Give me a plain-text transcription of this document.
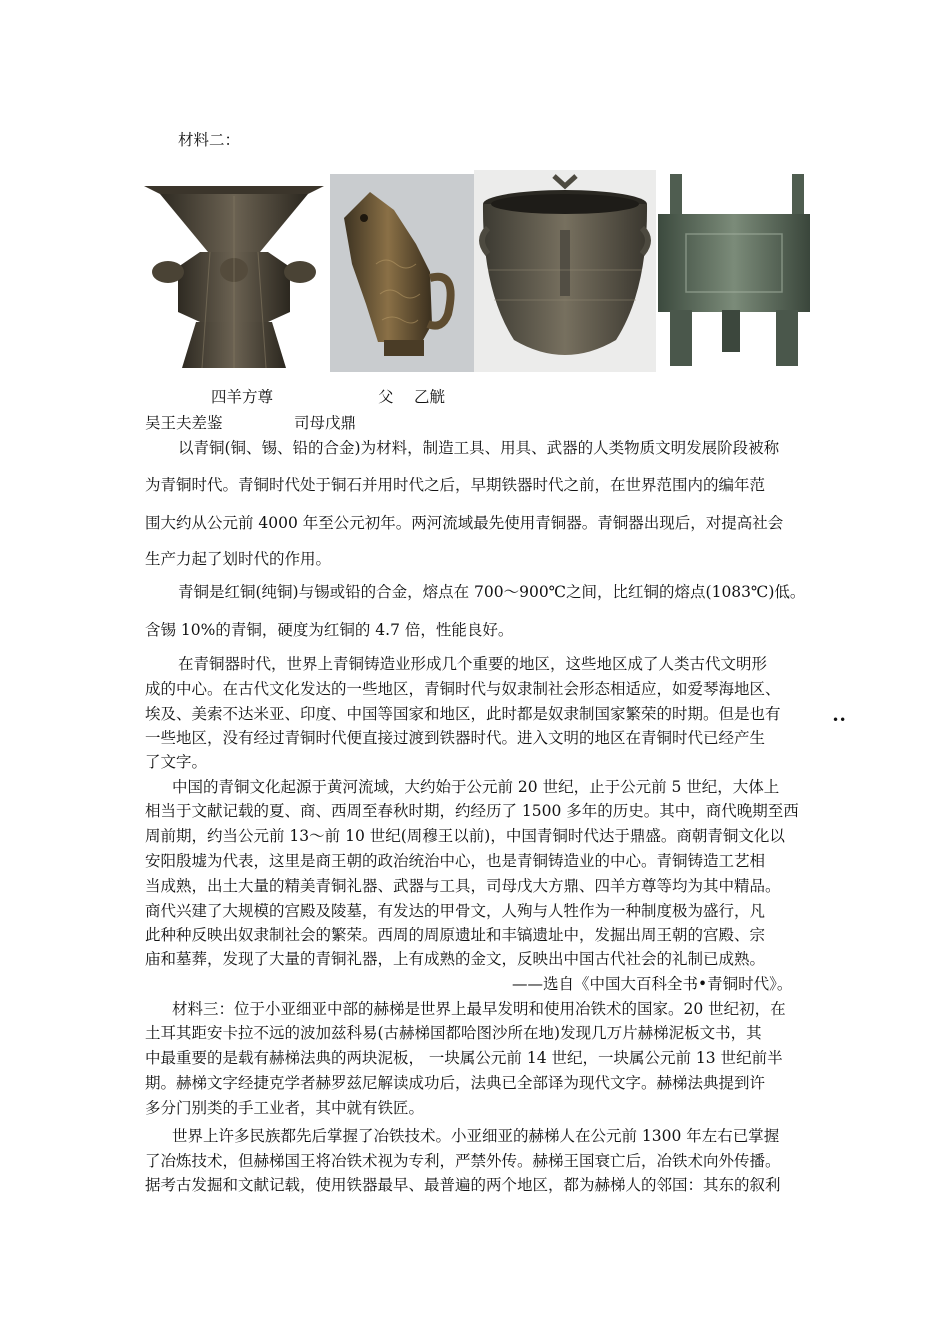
材料二：
四羊方尊	父 乙觥
吴王夫差鉴	司母戊鼎
以青铜(铜、锡、铅的合金)为材料，制造工具、用具、武器的人类物质文明发展阶段被称
为青铜时代。青铜时代处于铜石并用时代之后，早期铁器时代之前，在世界范围内的编年范
围大约从公元前 4000 年至公元初年。两河流域最先使用青铜器。青铜器出现后，对提高社会
生产力起了划时代的作用。
青铜是红铜(纯铜)与锡或铅的合金，熔点在 700～900℃之间，比红铜的熔点(1083℃)低。
含锡 10%的青铜，硬度为红铜的 4.7 倍，性能良好。
在青铜器时代，世界上青铜铸造业形成几个重要的地区，这些地区成了人类古代文明形
成的中心。在古代文化发达的一些地区，青铜时代与奴隶制社会形态相适应，如爱琴海地区、
埃及、美索不达米亚、印度、中国等国家和地区，此时都是奴隶制国家繁荣的时期。但是也有
一些地区，没有经过青铜时代便直接过渡到铁器时代。进入文明的地区在青铜时代已经产生
了文字。
••
中国的青铜文化起源于黄河流域，大约始于公元前 20 世纪，止于公元前 5 世纪，大体上
相当于文献记载的夏、商、西周至春秋时期，约经历了 1500 多年的历史。其中，商代晚期至西
周前期，约当公元前 13～前 10 世纪(周穆王以前)，中国青铜时代达于鼎盛。商朝青铜文化以
安阳殷墟为代表，这里是商王朝的政治统治中心，也是青铜铸造业的中心。青铜铸造工艺相
当成熟，出土大量的精美青铜礼器、武器与工具，司母戊大方鼎、四羊方尊等均为其中精品。
商代兴建了大规模的宫殿及陵墓，有发达的甲骨文，人殉与人牲作为一种制度极为盛行，凡
此种种反映出奴隶制社会的繁荣。西周的周原遗址和丰镐遗址中，发掘出周王朝的宫殿、宗
庙和墓葬，发现了大量的青铜礼器，上有成熟的金文，反映出中国古代社会的礼制已成熟。
——选自《中国大百科全书•青铜时代》。
材料三：位于小亚细亚中部的赫梯是世界上最早发明和使用冶铁术的国家。20 世纪初，在
土耳其距安卡拉不远的波加兹科易(古赫梯国都哈图沙所在地)发现几万片赫梯泥板文书，其
中最重要的是载有赫梯法典的两块泥板， 一块属公元前 14 世纪，一块属公元前 13 世纪前半
期。赫梯文字经捷克学者赫罗兹尼解读成功后，法典已全部译为现代文字。赫梯法典提到许
多分门别类的手工业者，其中就有铁匠。
世界上许多民族都先后掌握了冶铁技术。小亚细亚的赫梯人在公元前 1300 年左右已掌握
了冶炼技术，但赫梯国王将冶铁术视为专利，严禁外传。赫梯王国衰亡后，冶铁术向外传播。
据考古发掘和文献记载，使用铁器最早、最普遍的两个地区，都为赫梯人的邻国：其东的叙利
